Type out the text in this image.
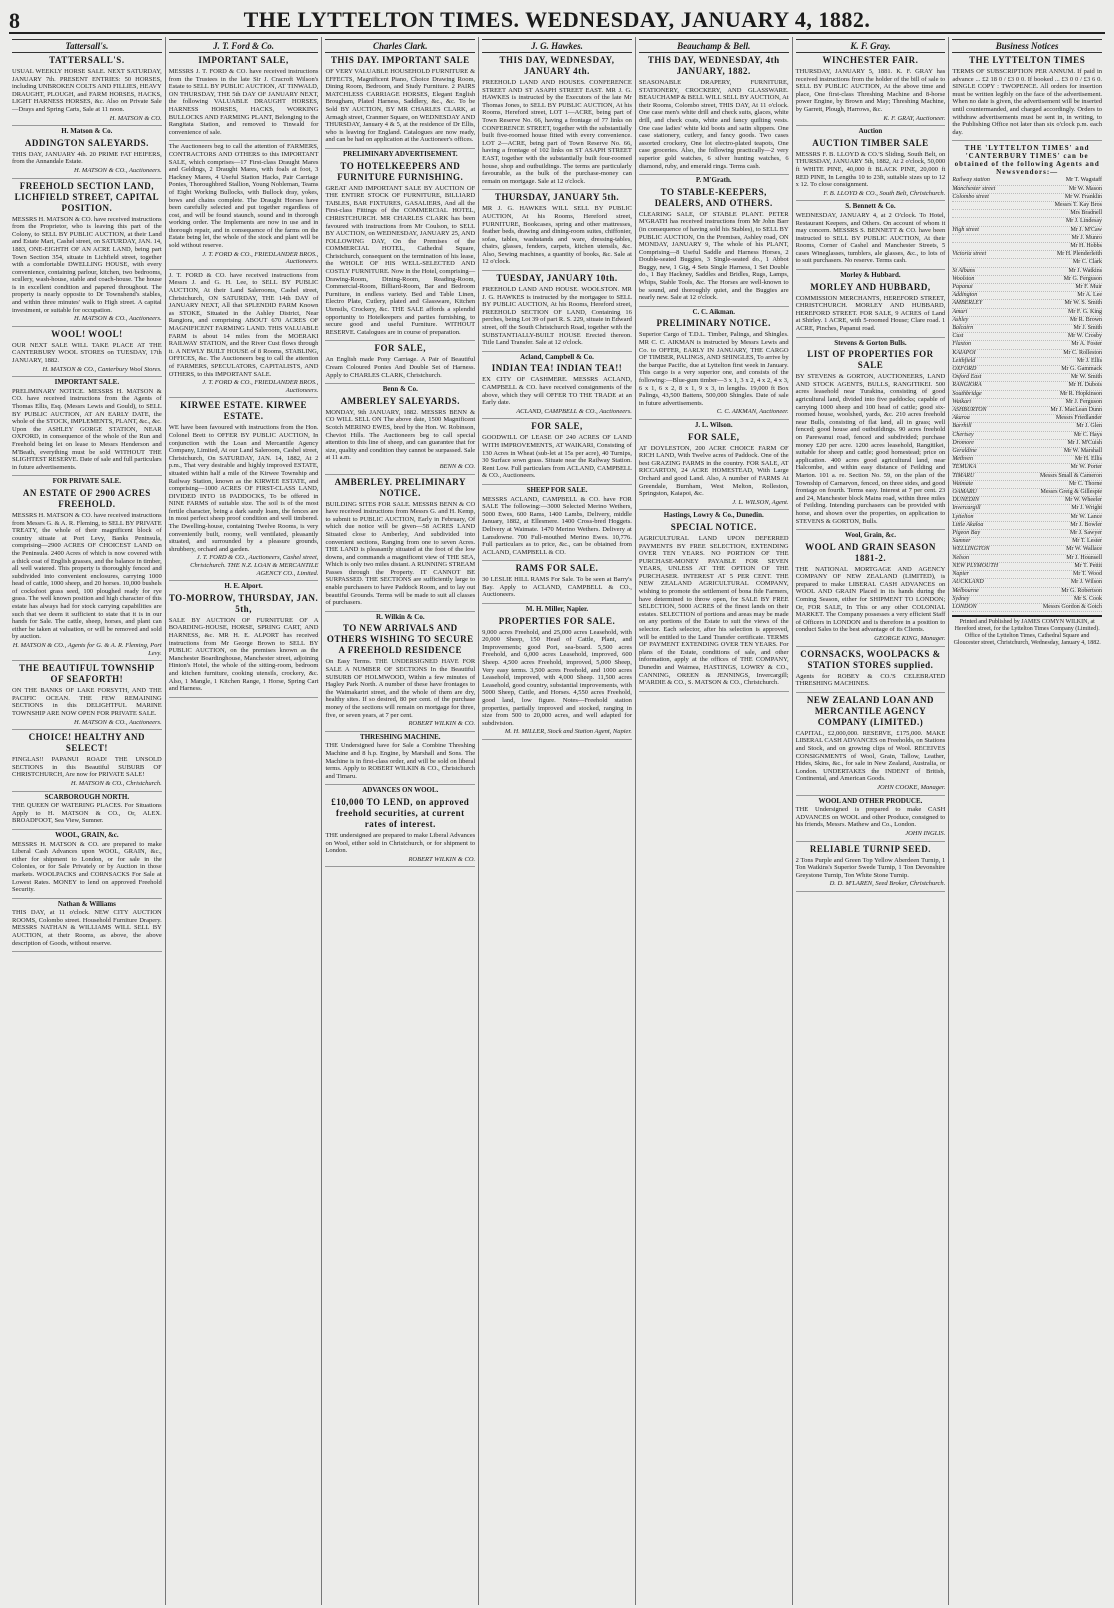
8	THE LYTTELTON TIMES. WEDNESDAY, JANUARY 4, 1882.
Tattersall's.
TATTERSALL'S.
USUAL WEEKLY HORSE SALE. NEXT SATURDAY, JANUARY 7th. PRESENT ENTRIES: 50 HORSES, including UNBROKEN COLTS AND FILLIES, HEAVY DRAUGHT, PLOUGH, and FARM HORSES, HACKS, LIGHT HARNESS HORSES, &c. Also on Private Sale—Drays and Spring Carts, Sale at 11 noon.
H. MATSON & CO.
H. Matson & Co.
ADDINGTON SALEYARDS.
THIS DAY, JANUARY 4th. 20 PRIME FAT HEIFERS, from the Annandale Estate.
H. MATSON & CO., Auctioneers.
FREEHOLD SECTION LAND, LICHFIELD STREET, CAPITAL POSITION.
MESSRS H. MATSON & CO. have received instructions from the Proprietor, who is leaving this part of the Colony, to SELL BY PUBLIC AUCTION, at their Land and Estate Mart, Cashel street, on SATURDAY, JAN. 14, 1883, ONE-EIGHTH OF AN ACRE LAND, being part Town Section 354, situate in Lichfield street, together with a comfortable DWELLING HOUSE, with every convenience, containing parlour, kitchen, two bedrooms, scullery, wash-house, stable and coach-house. The house is in excellent condition and papered throughout. The property is nearly opposite to Dr Townshend's stables, and within three minutes' walk to High street. A capital investment, or suitable for occupation.
H. MATSON & CO., Auctioneers.
WOOL! WOOL!
OUR NEXT SALE WILL TAKE PLACE AT THE CANTERBURY WOOL STORES on TUESDAY, 17th JANUARY, 1882.
H. MATSON & CO., Canterbury Wool Stores.
IMPORTANT SALE.
PRELIMINARY NOTICE. MESSRS H. MATSON & CO. have received instructions from the Agents of Thomas Ellis, Esq. (Messrs Lewis and Gould), to SELL BY PUBLIC AUCTION, AT AN EARLY DATE, the whole of the STOCK, IMPLEMENTS, PLANT, &c., &c. Upon the ASHLEY GORGE STATION, NEAR OXFORD, in consequence of the whole of the Run and Freehold being let on lease to Messrs Henderson and M'Beath, everything must be sold WITHOUT THE SLIGHTEST RESERVE. Date of sale and full particulars in future advertisements.
FOR PRIVATE SALE.
AN ESTATE OF 2900 ACRES FREEHOLD.
MESSRS H. MATSON & CO. have received instructions from Messrs G. & A. R. Fleming, to SELL BY PRIVATE TREATY, the whole of their magnificent block of country situate at Port Levy, Banks Peninsula, comprising—2900 ACRES OF CHOICEST LAND on the Peninsula. 2400 Acres of which is now covered with a thick coat of English grasses, and the balance in timber, all well watered. This property is thoroughly fenced and subdivided into convenient enclosures, carrying 1000 head of cattle, 1000 sheep, and 20 horses. 10,000 bushels of cocksfoot grass seed, 100 ploughed ready for rye grass. The well known position and high character of this estate has always had for stock carrying capabilities are such that we deem it sufficient to state that it is in our hands for Sale. The cattle, sheep, horses, and plant can either be taken at valuation, or will be removed and sold by auction.
H. MATSON & CO., Agents for G. & A. R. Fleming, Port Levy.
THE BEAUTIFUL TOWNSHIP OF SEAFORTH!
ON THE BANKS OF LAKE FORSYTH, AND THE PACIFIC OCEAN. THE FEW REMAINING SECTIONS in this DELIGHTFUL MARINE TOWNSHIP ARE NOW OPEN FOR PRIVATE SALE.
H. MATSON & CO., Auctioneers.
CHOICE! HEALTHY AND SELECT!
FINGLAS!! PAPANUI ROAD! THE UNSOLD SECTIONS in this Beautiful SUBURB OF CHRISTCHURCH, Are now for PRIVATE SALE!
H. MATSON & CO., Christchurch.
SCARBOROUGH NORTH.
THE QUEEN OF WATERING PLACES. For Situations Apply to H. MATSON & CO., Or, ALEX. BROADFOOT, Sea View, Sumner.
WOOL, GRAIN, &c.
MESSRS H. MATSON & CO. are prepared to make Liberal Cash Advances upon WOOL, GRAIN, &c., either for shipment to London, or for sale in the Colonies, or for Sale Privately or by Auction in those markets. WOOLPACKS and CORNSACKS For Sale at Lowest Rates. MONEY to lend on approved Freehold Security.
Nathan & Williams
THIS DAY, at 11 o'clock. NEW CITY AUCTION ROOMS, Colombo street. Household Furniture Drapery. MESSRS NATHAN & WILLIAMS WILL SELL BY AUCTION, at their Rooms, as above, the above description of Goods, without reserve.
J. T. Ford & Co.
IMPORTANT SALE,
MESSRS J. T. FORD & CO. have received instructions from the Trustees in the late Sir J. Cracroft Wilson's Estate to SELL BY PUBLIC AUCTION, AT TINWALD, ON THURSDAY, THE 5th DAY OF JANUARY NEXT, the following VALUABLE DRAUGHT HORSES, HARNESS HORSES, HACKS, WORKING BULLOCKS AND FARMING PLANT, Belonging to the Rangitata Station, and removed to Tinwald for convenience of sale.
The Auctioneers beg to call the attention of FARMERS, CONTRACTORS AND OTHERS to this IMPORTANT SALE, which comprises—17 First-class Draught Mares and Geldings, 2 Draught Mares, with foals at foot, 3 Hackney Mares, 4 Useful Station Hacks, Pair Carriage Ponies, Thoroughbred Stallion, Young Nobleman, Teams of Eight Working Bullocks, with Bullock dray, yokes, bows and chains complete. The Draught Horses have been carefully selected and put together regardless of cost, and will be found staunch, sound and in thorough working order. The Implements are now in use and in thorough repair, and in consequence of the farms on the Estate being let, the whole of the stock and plant will be sold without reserve.
J. T. FORD & CO., FRIEDLANDER BROS., Auctioneers.
J. T. FORD & CO. have received instructions from Messrs J. and G. H. Lee, to SELL BY PUBLIC AUCTION, At their Land Salerooms, Cashel street, Christchurch, ON SATURDAY, THE 14th DAY of JANUARY NEXT, All that SPLENDID FARM Known as STOKE, Situated in the Ashley District, Near Rangiora, and comprising ABOUT 670 ACRES OF MAGNIFICENT FARMING LAND. THIS VALUABLE FARM is about 14 miles from the MOERAKI RAILWAY STATION, and the River Cust flows through it. A NEWLY BUILT HOUSE of 8 Rooms, STABLING, OFFICES, &c. The Auctioneers beg to call the attention of FARMERS, SPECULATORS, CAPITALISTS, AND OTHERS, to this IMPORTANT SALE.
J. T. FORD & CO., FRIEDLANDER BROS., Auctioneers.
KIRWEE ESTATE. KIRWEE ESTATE.
WE have been favoured with instructions from the Hon. Colonel Brett to OFFER BY PUBLIC AUCTION, In conjunction with the Loan and Mercantile Agency Company, Limited, At our Land Saleroom, Cashel street, Christchurch, On SATURDAY, JAN. 14, 1882, At 2 p.m., That very desirable and highly improved ESTATE, situated within half a mile of the Kirwee Township and Railway Station, known as the KIRWEE ESTATE, and comprising—1000 ACRES OF FIRST-CLASS LAND, DIVIDED INTO 18 PADDOCKS, To be offered in NINE FARMS of suitable size. The soil is of the most fertile character, being a dark sandy loam, the fences are in most perfect sheep proof condition and well timbered. The Dwelling-house, containing Twelve Rooms, is very conveniently built, roomy, well ventilated, pleasantly situated, and surrounded by a pleasure grounds, shrubbery, orchard and garden.
J. T. FORD & CO., Auctioneers, Cashel street, Christchurch. THE N.Z. LOAN & MERCANTILE AGENCY CO., Limited.
H. E. Alport.
TO-MORROW, THURSDAY, JAN. 5th,
SALE BY AUCTION OF FURNITURE OF A BOARDING-HOUSE, HORSE, SPRING CART, AND HARNESS, &c. MR H. E. ALPORT has received instructions from Mr George Brown to SELL BY PUBLIC AUCTION, on the premises known as the Manchester Boardinghouse, Manchester street, adjoining Hinton's Hotel, the whole of the sitting-room, bedroom and kitchen furniture, cooking utensils, crockery, &c. Also, 1 Mangle, 1 Kitchen Range, 1 Horse, Spring Cart and Harness.
Charles Clark.
THIS DAY. IMPORTANT SALE
OF VERY VALUABLE HOUSEHOLD FURNITURE & EFFECTS, Magnificent Piano, Choice Drawing Room, Dining Room, Bedroom, and Study Furniture. 2 PAIRS MATCHLESS CARRIAGE HORSES, Elegant English Brougham, Plated Harness, Saddlery, &c., &c. To be Sold BY AUCTION, BY MR CHARLES CLARK, at Armagh street, Cranmer Square, on WEDNESDAY AND THURSDAY, January 4 & 5, at the residence of Dr Ellis, who is leaving for England. Catalogues are now ready, and can be had on application at the Auctioneer's offices.
PRELIMINARY ADVERTISEMENT.
TO HOTELKEEPERS AND FURNITURE FURNISHING.
GREAT AND IMPORTANT SALE BY AUCTION OF THE ENTIRE STOCK OF FURNITURE, BILLIARD TABLES, BAR FIXTURES, GASALIERS, And all the First-class Fittings of the COMMERCIAL HOTEL, CHRISTCHURCH. MR CHARLES CLARK has been favoured with instructions from Mr Coulson, to SELL BY AUCTION, on WEDNESDAY, JANUARY 25, AND FOLLOWING DAY, On the Premises of the COMMERCIAL HOTEL, Cathedral Square, Christchurch, consequent on the termination of his lease, the WHOLE OF HIS WELL-SELECTED AND COSTLY FURNITURE. Now in the Hotel, comprising—Drawing-Room, Dining-Room, Reading-Room, Commercial-Room, Billiard-Room, Bar and Bedroom Furniture, in endless variety. Bed and Table Linen, Electro Plate, Cutlery, plated and Glassware, Kitchen Utensils, Crockery, &c. THE SALE affords a splendid opportunity to Hotelkeepers and parties furnishing, to secure good and useful Furniture. WITHOUT RESERVE. Catalogues are in course of preparation.
FOR SALE,
An English made Pony Carriage. A Pair of Beautiful Cream Coloured Ponies And Double Set of Harness. Apply to CHARLES CLARK, Christchurch.
Benn & Co.
AMBERLEY SALEYARDS.
MONDAY, 9th JANUARY, 1882. MESSRS BENN & CO WILL SELL ON The above date, 1500 Magnificent Scotch MERINO EWES, bred by the Hon. W. Robinson, Cheviot Hills. The Auctioneers beg to call special attention to this line of sheep, and can guarantee that for size, quality and condition they cannot be surpassed. Sale at 11 a.m.
BENN & CO.
AMBERLEY. PRELIMINARY NOTICE.
BUILDING SITES FOR SALE. MESSRS BENN & CO have received instructions from Messrs G. and H. Kemp, to submit to PUBLIC AUCTION, Early in February, Of which due notice will be given—58 ACRES LAND Situated close to Amberley, And subdivided into convenient sections, Ranging from one to seven Acres. THE LAND is pleasantly situated at the foot of the low downs, and commands a magnificent view of THE SEA, Which is only two miles distant. A RUNNING STREAM Passes through the Property. IT CANNOT BE SURPASSED. THE SECTIONS are sufficiently large to enable purchasers to have Paddock Room, and to lay out beautiful Grounds. Terms will be made to suit all classes of purchasers.
R. Wilkin & Co.
TO NEW ARRIVALS AND OTHERS WISHING TO SECURE A FREEHOLD RESIDENCE
On Easy Terms. THE UNDERSIGNED HAVE FOR SALE A NUMBER OF SECTIONS In the Beautiful SUBURB OF HOLMWOOD, Within a few minutes of Hagley Park North. A number of these have frontages to the Waimakariri street, and the whole of them are dry, healthy sites. If so desired, 80 per cent. of the purchase money of the sections will remain on mortgage for three, five, or seven years, at 7 per cent.
ROBERT WILKIN & CO.
THRESHING MACHINE.
THE Undersigned have for Sale a Combine Threshing Machine and 8 h.p. Engine, by Marshall and Sons. The Machine is in first-class order, and will be sold on liberal terms. Apply to ROBERT WILKIN & CO., Christchurch and Timaru.
ADVANCES ON WOOL.
£10,000 TO LEND, on approved freehold securities, at current rates of interest.
THE undersigned are prepared to make Liberal Advances on Wool, either sold in Christchurch, or for shipment to London.
ROBERT WILKIN & CO.
J. G. Hawkes.
THIS DAY, WEDNESDAY, JANUARY 4th.
FREEHOLD LAND AND HOUSES. CONFERENCE STREET AND ST ASAPH STREET EAST. MR J. G. HAWKES is instructed by the Executors of the late Mr Thomas Jones, to SELL BY PUBLIC AUCTION, At his Rooms, Hereford street, LOT 1—ACRE, being part of Town Reserve No. 66, having a frontage of 77 links on CONFERENCE STREET, together with the substantially built five-roomed house fitted with every convenience. LOT 2—ACRE, being part of Town Reserve No. 66, having a frontage of 102 links on ST ASAPH STREET EAST, together with the substantially built four-roomed house, shop and outbuildings. The terms are particularly favourable, as the bulk of the purchase-money can remain on mortgage. Sale at 12 o'clock.
THURSDAY, JANUARY 5th.
MR J. G. HAWKES WILL SELL BY PUBLIC AUCTION, At his Rooms, Hereford street, FURNITURE, Bookcases, spring and other mattresses, feather beds, drawing and dining-room suites, chiffonier, sofas, tables, washstands and ware, dressing-tables, chairs, glasses, fenders, carpets, kitchen utensils, &c. Also, Sewing machines, a quantity of books, &c. Sale at 12 o'clock.
TUESDAY, JANUARY 10th.
FREEHOLD LAND AND HOUSE. WOOLSTON. MR J. G. HAWKES is instructed by the mortgagee to SELL BY PUBLIC AUCTION, At his Rooms, Hereford street, FREEHOLD SECTION OF LAND, Containing 16 perches, being Lot 39 of part R. S. 229, situate in Edward street, off the South Christchurch Road, together with the SUBSTANTIALLY-BUILT HOUSE Erected thereon. Title Land Transfer. Sale at 12 o'clock.
Acland, Campbell & Co.
INDIAN TEA! INDIAN TEA!!
EX CITY OF CASHMERE. MESSRS ACLAND, CAMPBELL & CO. have received consignments of the above, which they will OFFER TO THE TRADE at an Early date.
ACLAND, CAMPBELL & CO., Auctioneers.
FOR SALE,
GOODWILL OF LEASE OF 240 ACRES OF LAND WITH IMPROVEMENTS, AT WAIKARI, Consisting of 130 Acres in Wheat (sub-let at 15s per acre), 40 Turnips, 30 Surface sown grass. Situate near the Railway Station. Rent Low. Full particulars from ACLAND, CAMPBELL & CO., Auctioneers.
SHEEP FOR SALE.
MESSRS ACLAND, CAMPBELL & CO. have FOR SALE The following:—3000 Selected Merino Wethers, 5000 Ewes, 600 Rams, 1400 Lambs, Delivery, middle January, 1882, at Ellesmere. 1400 Cross-bred Hoggets. Delivery at Waimate. 1470 Merino Wethers. Delivery at Lansdowne. 700 Full-mouthed Merino Ewes. 10,776. Full particulars as to price, &c., can be obtained from ACLAND, CAMPBELL & CO.
RAMS FOR SALE.
30 LESLIE HILL RAMS For Sale. To be seen at Barry's Bay. Apply to ACLAND, CAMPBELL & CO., Auctioneers.
M. H. Miller, Napier.
PROPERTIES FOR SALE.
9,000 acres Freehold, and 25,000 acres Leasehold, with 20,000 Sheep, 150 Head of Cattle, Plant, and Improvements; good Port, sea-board. 5,500 acres Freehold, and 6,000 acres Leasehold, improved, 600 Sheep. 4,500 acres Freehold, improved, 5,000 Sheep, Very easy terms. 3,500 acres Freehold, and 1000 acres Leasehold, improved, with 4,000 Sheep. 11,500 acres Leasehold, good country, substantial improvements, with 5000 Sheep, Cattle, and Horses. 4,550 acres Freehold, good land, low figure. Notes—Freehold station properties, partially improved and stocked, ranging in size from 500 to 20,000 acres, and well adapted for subdivision.
M. H. MILLER, Stock and Station Agent, Napier.
Beauchamp & Bell.
THIS DAY, WEDNESDAY, 4th JANUARY, 1882.
SEASONABLE DRAPERY, FURNITURE, STATIONERY, CROCKERY, AND GLASSWARE. BEAUCHAMP & BELL WILL SELL BY AUCTION, At their Rooms, Colombo street, THIS DAY, At 11 o'clock. One case men's white drill and check suits, glaces, white drill, and check coats, white and fancy quilting vests. One case ladies' white kid boots and satin slippers. One case stationery, cutlery, and fancy goods. Two cases assorted crockery, One lot electro-plated teapots, One case groceries. Also, the following practically—2 very superior gold watches, 6 silver hunting watches, 6 diamond, ruby, and emerald rings. Terms cash.
P. M'Grath.
TO STABLE-KEEPERS, DEALERS, AND OTHERS.
CLEARING SALE, OF STABLE PLANT. PETER M'GRATH has received instructions from Mr John Barr (in consequence of having sold his Stables), to SELL BY PUBLIC AUCTION, On the Premises, Ashley road, ON MONDAY, JANUARY 9, The whole of his PLANT, Comprising—8 Useful Saddle and Harness Horses, 2 Double-seated Buggies, 3 Single-seated do., 1 Abbot Buggy, new, 1 Gig, 4 Sets Single Harness, 1 Set Double do., 1 Bay Hackney, Saddles and Bridles, Rugs, Lamps, Whips, Stable Tools, &c. The Horses are well-known to be sound, and thoroughly quiet, and the Buggies are nearly new. Sale at 12 o'clock.
C. C. Aikman.
PRELIMINARY NOTICE.
Superior Cargo of T.D.L. Timber, Palings, and Shingles. MR C. C. AIKMAN is instructed by Messrs Lewis and Co. to OFFER, EARLY IN JANUARY, THE CARGO OF TIMBER, PALINGS, AND SHINGLES, To arrive by the barque Pacific, due at Lyttelton first week in January. This cargo is a very superior one, and consists of the following:—Blue-gum timber—3 x 1, 3 x 2, 4 x 2, 4 x 3, 6 x 1, 6 x 2, 8 x 1, 9 x 3, in lengths. 19,000 ft Box Palings, 43,500 Battens, 500,000 Shingles. Date of sale in future advertisements.
C. C. AIKMAN, Auctioneer.
J. L. Wilson.
FOR SALE,
AT DOYLESTON, 200 ACRE CHOICE FARM OF RICH LAND, With Twelve acres of Paddock. One of the best GRAZING FARMS in the country. FOR SALE, AT RICCARTON, 24 ACRE HOMESTEAD, With Large Orchard and good Land. Also, A number of FARMS At Greendale, Burnham, West Melton, Rolleston, Springston, Kaiapoi, &c.
J. L. WILSON, Agent.
Hastings, Lowry & Co., Dunedin.
SPECIAL NOTICE.
AGRICULTURAL LAND UPON DEFERRED PAYMENTS BY FREE SELECTION, EXTENDING OVER TEN YEARS. NO PORTION OF THE PURCHASE-MONEY PAYABLE FOR SEVEN YEARS, UNLESS AT THE OPTION OF THE PURCHASER. INTEREST AT 5 PER CENT. THE NEW ZEALAND AGRICULTURAL COMPANY, wishing to promote the settlement of bona fide Farmers, have determined to throw open, for SALE BY FREE SELECTION, 5000 ACRES of the finest lands on their estates. SELECTION of portions and areas may be made on any portions of the Estate to suit the views of the selector. Each selector, after his selection is approved, will be entitled to the Land Transfer certificate. TERMS OF PAYMENT EXTENDING OVER TEN YEARS. For plans of the Estate, conditions of sale, and other information, apply at the offices of THE COMPANY, Dunedin and Waimea, HASTINGS, LOWRY & CO., CANNING, OREEN & JENNINGS, Invercargill; M'ARDIE & CO., S. MATSON & CO., Christchurch.
K. F. Gray.
WINCHESTER FAIR.
THURSDAY, JANUARY 5, 1881. K. F. GRAY has received instructions from the holder of the bill of sale to SELL BY PUBLIC AUCTION, At the above time and place, One first-class Threshing Machine and 8-horse power Engine, by Brown and May; Threshing Machine, by Garrett, Plough, Harrows, &c.
K. F. GRAY, Auctioneer.
Auction
AUCTION TIMBER SALE
MESSRS F. B. LLOYD & CO.'S Sliding, South Belt, on THURSDAY, JANUARY 5th, 1882, At 2 o'clock, 50,000 ft WHITE PINE, 40,000 ft BLACK PINE, 20,000 ft RED PINE, In Lengths 10 to 23ft, suitable sizes up to 12 x 12. To close consignment.
F. B. LLOYD & CO., South Belt, Christchurch.
S. Bennett & Co.
WEDNESDAY, JANUARY 4, at 2 O'clock. To Hotel, Restaurant Keepers, and Others. On account of whom it may concern. MESSRS S. BENNETT & CO. have been instructed to SELL BY PUBLIC AUCTION, At their Rooms, Corner of Cashel and Manchester Streets, 5 cases Wineglasses, tumblers, ale glasses, &c., to lots of to suit purchasers. No reserve. Terms cash.
Morley & Hubbard.
MORLEY AND HUBBARD,
COMMISSION MERCHANTS, HEREFORD STREET, CHRISTCHURCH. MORLEY AND HUBBARD, HEREFORD STREET. FOR SALE, 9 ACRES of Land at Shirley. 1 ACRE, with 5-roomed House; Clare road. 1 ACRE, Pinches, Papanui road.
Stevens & Gorton Bulls.
LIST OF PROPERTIES FOR SALE
BY STEVENS & GORTON, AUCTIONEERS, LAND AND STOCK AGENTS, BULLS, RANGITIKEI. 500 acres leasehold near Turakina, consisting of good agricultural land, divided into five paddocks; capable of carrying 1000 sheep and 100 head of cattle; good six-roomed house, woolshed, yards, &c. 210 acres freehold near Bulls, consisting of flat land, all in grass; well fenced; good house and outbuildings. 90 acres freehold on Parewanui road, fenced and subdivided; purchase money £20 per acre. 1200 acres leasehold, Rangitikei, suitable for sheep and cattle; good homestead; price on application. 400 acres good agricultural land, near Halcombe, and within easy distance of Feilding and Marton. 101 a. re. Section No. 59, on the plan of the Township of Carnarvon, fenced, on three sides, and good frontage on fourth. Terms easy. Interest at 7 per cent. 23 and 24, Manchester block Mains road, within three miles of Feilding. Intending purchasers can be provided with horse, and shown over the properties, on application to STEVENS & GORTON, Bulls.
Wool, Grain, &c.
WOOL AND GRAIN SEASON 1881-2.
THE NATIONAL MORTGAGE AND AGENCY COMPANY OF NEW ZEALAND (LIMITED), is prepared to make LIBERAL CASH ADVANCES on WOOL AND GRAIN Placed in its hands during the Coming Season, either for SHIPMENT TO LONDON; Or, FOR SALE, In This or any other COLONIAL MARKET. The Company possesses a very efficient Staff of Officers in LONDON and is therefore in a position to conduct Sales to the best advantage of its Clients.
GEORGE KING, Manager.
CORNSACKS, WOOLPACKS & STATION STORES supplied.
Agents for ROBEY & CO.'S CELEBRATED THRESHING MACHINES.
NEW ZEALAND LOAN AND MERCANTILE AGENCY COMPANY (LIMITED.)
CAPITAL, £2,000,000. RESERVE, £175,000. MAKE LIBERAL CASH ADVANCES on Freeholds, on Stations and Stock, and on growing clips of Wool. RECEIVES CONSIGNMENTS of Wool, Grain, Tallow, Leather, Hides, Skins, &c., for sale in New Zealand, Australia, or London. UNDERTAKES the INDENT of British, Continental, and American Goods.
JOHN COOKE, Manager.
WOOL AND OTHER PRODUCE.
THE Undersigned is prepared to make CASH ADVANCES on WOOL and other Produce, consigned to his friends, Messrs. Mathew and Co., London.
JOHN INGLIS.
RELIABLE TURNIP SEED.
2 Tons Purple and Green Top Yellow Aberdeen Turnip, 1 Ton Watkins's Superior Swede Turnip, 1 Ton Devonshire Greystone Turnip, Ton White Stone Turnip.
D. D. M'LAREN, Seed Broker, Christchurch.
Business Notices
THE LYTTELTON TIMES
TERMS OF SUBSCRIPTION PER ANNUM. If paid in advance ... £2 18 0 / £3 0 0. If booked ... £3 0 0 / £3 6 0. SINGLE COPY : TWOPENCE. All orders for insertion must be written legibly on the face of the advertisement. When no date is given, the advertisement will be inserted until countermanded, and charged accordingly. Orders to withdraw advertisements must be sent in, in writing, to the Publishing Office not later than six o'clock p.m. each day.
THE 'LYTTELTON TIMES' and 'CANTERBURY TIMES' can be obtained of the following Agents and Newsvendors:—
Railway station	Mr T. Wagstaff
Manchester street	Mr W. Mason
Colombo street	Mr W. Franklin
Messrs T. Kay Bros
Mrs Bradnell
Mr J. Lindesay
High street	Mr J. M'Caw
Mr J. Munro
Mr H. Hobbs
Victoria street	Mr H. Plenderleith
Mr C. Clark
St Albans	Mr J. Watkins
Woolston	Mr G. Ferguson
Papanui	Mr F. Muir
Addington	Mr A. Lee
AMBERLEY	Mr W. S. Smith
Amuri	Mr F. G. King
Ashley	Mr R. Brown
Balcairn	Mr J. Smith
Cust	Mr W. Crosby
Flaxton	Mr A. Foster
KAIAPOI	Mr C. Rolleston
Leithfield	Mr J. Ellis
OXFORD	Mr G. Gammack
Oxford East	Mr W. Smith
RANGIORA	Mr H. Dubois
Southbridge	Mr R. Hopkinson
Waikari	Mr J. Ferguson
ASHBURTON	Mr J. MacLean Dunn
Akaroa	Messrs Friedlander
Barrhill	Mr J. Glen
Chertsey	Mr C. Hays
Dromore	Mr J. M'Cuish
Geraldine	Mr W. Marshall
Methven	Mr H. Ellis
TEMUKA	Mr W. Porter
TIMARU	Messrs Small & Cameron
Waimate	Mr C. Thorne
OAMARU	Messrs Greig & Gillespie
DUNEDIN	Mr W. Wheeler
Invercargill	Mr J. Wright
Lyttelton	Mr W. Lance
Little Akaloa	Mr J. Bowler
Pigeon Bay	Mr J. Sawyer
Sumner	Mr T. Lester
WELLINGTON	Mr W. Wallace
Nelson	Mr J. Hounsell
NEW PLYMOUTH	Mr T. Pettit
Napier	Mr T. Wood
AUCKLAND	Mr J. Wilson
Melbourne	Mr G. Robertson
Sydney	Mr S. Cook
LONDON	Messrs Gordon & Gotch
Printed and Published by JAMES COMYN WILKIN, at Hereford street, for the Lyttelton Times Company (Limited). Office of the Lyttelton Times, Cathedral Square and Gloucester street, Christchurch, Wednesday, January 4, 1882.
